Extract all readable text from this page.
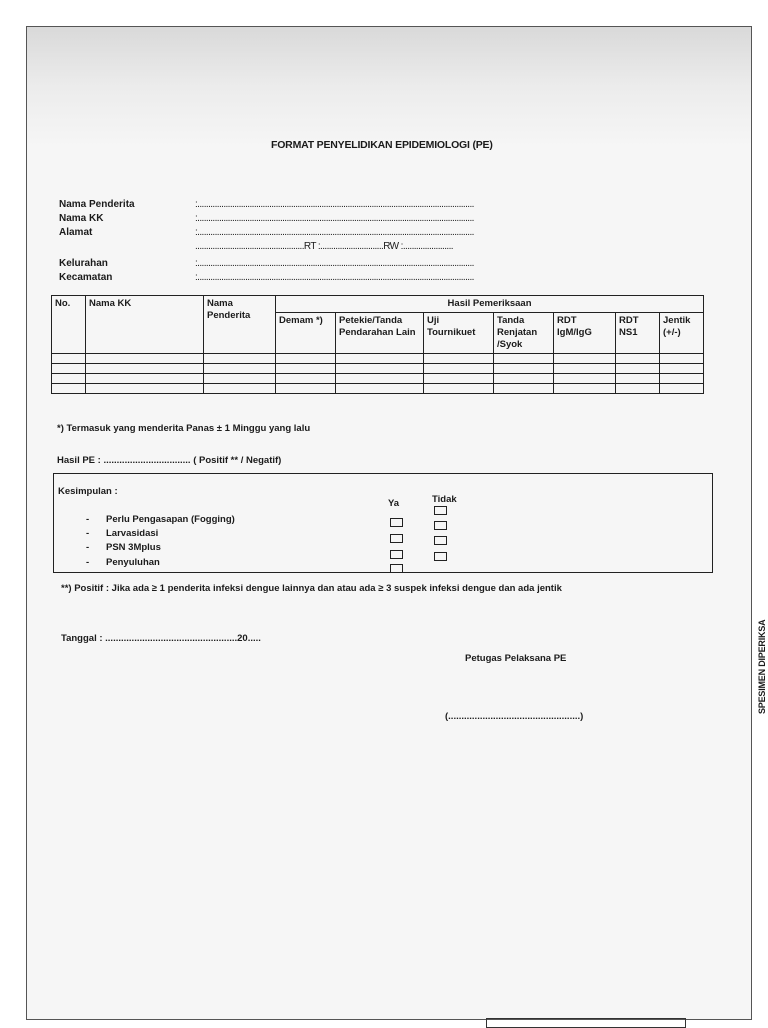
FORMAT PENYELIDIKAN EPIDEMIOLOGI (PE)
Nama Penderita	:...............................................................................................................................
Nama KK	:...............................................................................................................................
Alamat	:...............................................................................................................................
..................................................RT :.............................RW :.......................
Kelurahan	:...............................................................................................................................
Kecamatan	:...............................................................................................................................
No.	Nama KK	Nama Penderita	Hasil Pemeriksaan						
			Demam *)	Petekie/Tanda Pendarahan Lain	Uji Tournikuet	Tanda Renjatan /Syok	RDT IgM/IgG	RDT NS1	Jentik (+/-)

*) Termasuk yang menderita Panas ± 1 Minggu yang lalu
Hasil PE : ................................. ( Positif ** / Negatif)
Kesimpulan :
Ya	Tidak
- Perlu Pengasapan (Fogging)
- Larvasidasi
- PSN 3Mplus
- Penyuluhan
**) Positif : Jika ada ≥ 1 penderita infeksi dengue lainnya dan atau ada ≥ 3 suspek infeksi dengue dan ada jentik
Tanggal : ..................................................20.....
Petugas Pelaksana PE
(..................................................)
SPESIMEN DIPERIKSA
